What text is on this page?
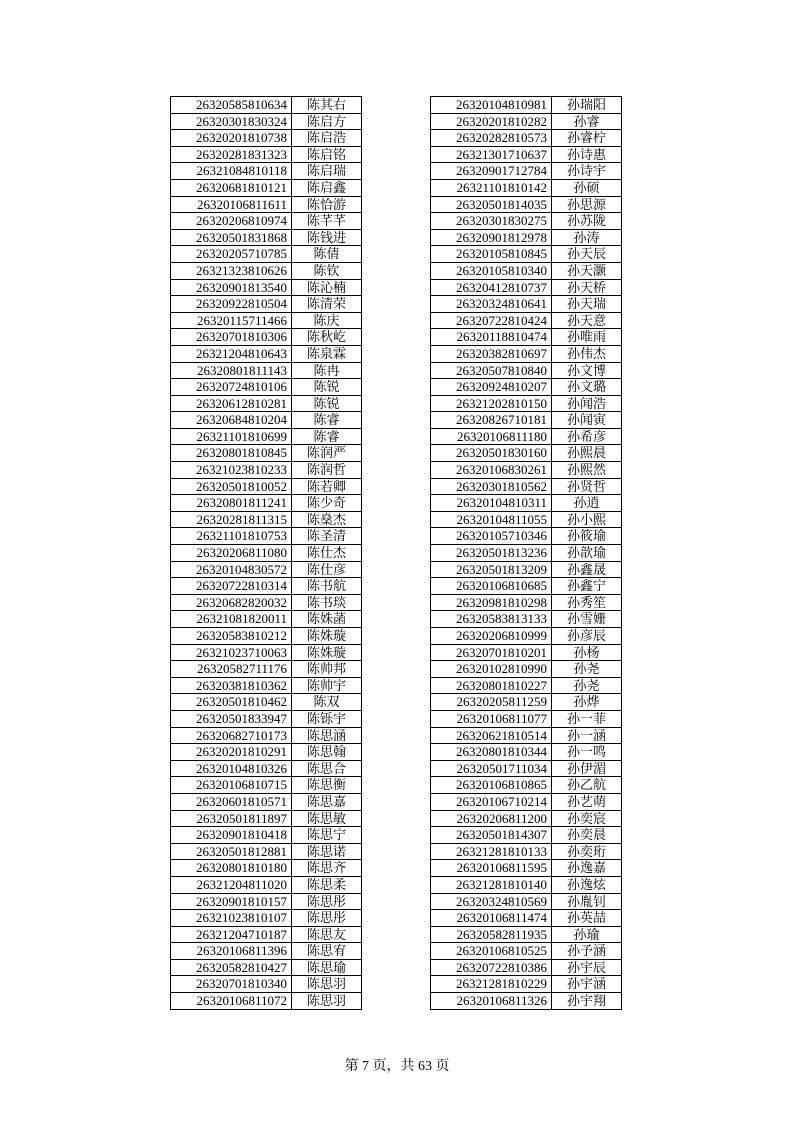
26320585810634	陈其右
26320301830324	陈启方
26320201810738	陈启浩
26320281831323	陈启铭
26321084810118	陈启瑞
26320681810121	陈启鑫
26320106811611	陈恰游
26320206810974	陈芊芊
26320501831868	陈钱进
26320205710785	陈倩
26321323810626	陈钦
26320901813540	陈沁楠
26320922810504	陈清荣
26320115711466	陈庆
26320701810306	陈秋屹
26321204810643	陈泉霖
26320801811143	陈冉
26320724810106	陈锐
26320612810281	陈锐
26320684810204	陈睿
26321101810699	陈睿
26320801810845	陈润严
26321023810233	陈润哲
26320501810052	陈若卿
26320801811241	陈少奇
26320281811315	陈燊杰
26321101810753	陈圣清
26320206811080	陈仕杰
26320104830572	陈仕彦
26320722810314	陈书航
26320682820032	陈书琰
26321081820011	陈姝菡
26320583810212	陈姝璇
26321023710063	陈姝璇
26320582711176	陈帅邦
26320381810362	陈帅宇
26320501810462	陈双
26320501833947	陈铄宇
26320682710173	陈思涵
26320201810291	陈思翰
26320104810326	陈思合
26320106810715	陈思衡
26320601810571	陈思嘉
26320501811897	陈思敏
26320901810418	陈思宁
26320501812881	陈思诺
26320801810180	陈思齐
26321204811020	陈思柔
26320901810157	陈思彤
26321023810107	陈思彤
26321204710187	陈思友
26320106811396	陈思宥
26320582810427	陈思瑜
26320701810340	陈思羽
26320106811072	陈思羽
26320104810981	孙瑞阳
26320201810282	孙睿
26320282810573	孙睿柠
26321301710637	孙诗惠
26320901712784	孙诗宇
26321101810142	孙硕
26320501814035	孙思源
26320301830275	孙苏陇
26320901812978	孙涛
26320105810845	孙天辰
26320105810340	孙天灏
26320412810737	孙天桥
26320324810641	孙天瑞
26320722810424	孙天意
26320118810474	孙唯雨
26320382810697	孙伟杰
26320507810840	孙文博
26320924810207	孙文璐
26321202810150	孙闻浩
26320826710181	孙闻寅
26320106811180	孙希彦
26320501830160	孙熙晨
26320106830261	孙熙然
26320301810562	孙贤哲
26320104810311	孙逍
26320104811055	孙小熙
26320105710346	孙筱瑜
26320501813236	孙歆瑜
26320501813209	孙鑫晟
26320106810685	孙鑫宁
26320981810298	孙秀笙
26320583813133	孙雪姗
26320206810999	孙彦辰
26320701810201	孙杨
26320102810990	孙尧
26320801810227	孙尧
26320205811259	孙烨
26320106811077	孙一菲
26320621810514	孙一涵
26320801810344	孙一鸣
26320501711034	孙伊湄
26320106810865	孙乙航
26320106710214	孙艺萌
26320206811200	孙奕宸
26320501814307	孙奕晨
26321281810133	孙奕珩
26320106811595	孙逸嘉
26321281810140	孙逸炫
26320324810569	孙胤钊
26320106811474	孙英喆
26320582811935	孙瑜
26320106810525	孙予涵
26320722810386	孙宇辰
26321281810229	孙宇涵
26320106811326	孙宇翔
第 7 页，共 63 页
